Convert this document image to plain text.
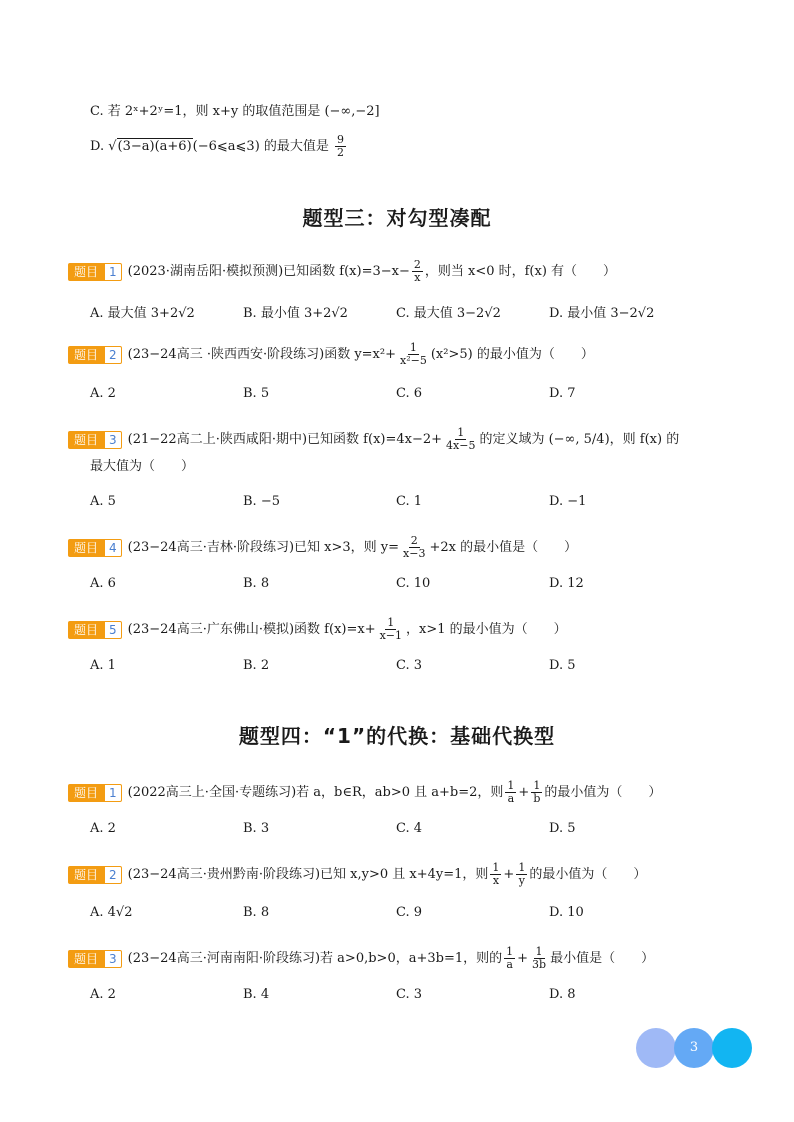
C. 若 2ˣ+2ʸ=1，则 x+y 的取值范围是 (−∞,−2]
D. √(3−a)(a+6)(−6⩽a⩽3) 的最大值是 $\frac{9}{2}$
题型三：对勾型凑配
题目 1 (2023·湖南岳阳·模拟预测) 已知函数 $f(x)=3-x- \frac{2}{x}$ ，则当 x<0 时，f(x) 有（　　）
A. 最大值 3+2√2	B. 最小值 3+2√2	C. 最大值 3−2√2	D. 最小值 3−2√2
题目 2 (23−24高三 ·陕西西安·阶段练习) 函数 $y=x^2+ \frac{1}{\text{x²−5}} (x^2>5)$ 的最小值为（　　）
A. 2	B. 5	C. 6	D. 7
题目 3 (21−22高二上·陕西咸阳·期中) 已知函数 $f(x)=4x-2+ \frac{1}{4x-5}$ 的定义域为 (−∞, 5/4)，则 f(x) 的
最大值为（　　）
A. 5	B. −5	C. 1	D. −1
题目 4 (23−24高三·吉林·阶段练习) 已知 x>3，则 $y= \frac{2}{x-3} +2x$ 的最小值是（　　）
A. 6	B. 8	C. 10	D. 12
题目 5 (23−24高三·广东佛山·模拟) 函数 $f(x)=x+ \frac{1}{x-1}$ ，x>1 的最小值为（　　）
A. 1	B. 2	C. 3	D. 5
题型四：“1”的代换：基础代换型
题目 1 (2022高三上·全国·专题练习) 若 a，b∈R，ab>0 且 a+b=2，则 $\frac{1}{a} + \frac{1}{b}$ 的最小值为（　　）
A. 2	B. 3	C. 4	D. 5
题目 2 (23−24高三·贵州黔南·阶段练习) 已知 x,y>0 且 x+4y=1，则 $\frac{1}{x} + \frac{1}{y}$ 的最小值为（　　）
A. 4√2	B. 8	C. 9	D. 10
题目 3 (23−24高三·河南南阳·阶段练习) 若 a>0,b>0，a+3b=1，则的 $\frac{1}{a} + \frac{1}{3b}$ 最小值是（　　）
A. 2	B. 4	C. 3	D. 8
3
